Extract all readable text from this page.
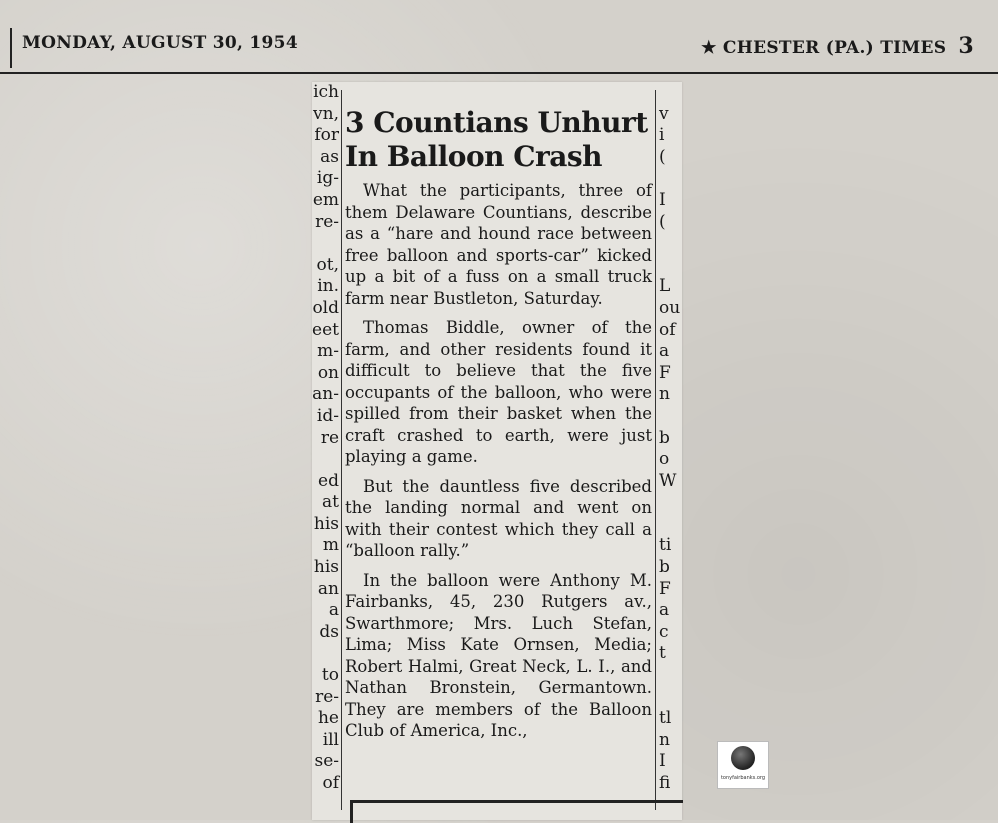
MONDAY, AUGUST 30, 1954	★ CHESTER (PA.) TIMES 3
ich
vn,
for
as
ig-
em
re-
ot,
in.
old
eet
m-
on
an-
id-
re
ed
at
his
m
his
an
a
ds
to
re-
he
ill
se-
of
3 Countians Unhurt
In Balloon Crash

What the participants, three of them Delaware Countians, describe as a “hare and hound race between free balloon and sports-car” kicked up a bit of a fuss on a small truck farm near Bustleton, Saturday.

Thomas Biddle, owner of the farm, and other residents found it difficult to believe that the five occupants of the balloon, who were spilled from their basket when the craft crashed to earth, were just playing a game.

But the dauntless five described the landing normal and went on with their contest which they call a “balloon rally.”

In the balloon were Anthony M. Fairbanks, 45, 230 Rutgers av., Swarthmore; Mrs. Luch Stefan, Lima; Miss Kate Ornsen, Media; Robert Halmi, Great Neck, L. I., and Nathan Bronstein, Germantown. They are members of the Balloon Club of America, Inc.,

v
i
(
I
(
L
ou
of
a
F
n
b
o
W
ti
b
F
a
c
t
tl
n
I
fi	tonyfairbanks.org
